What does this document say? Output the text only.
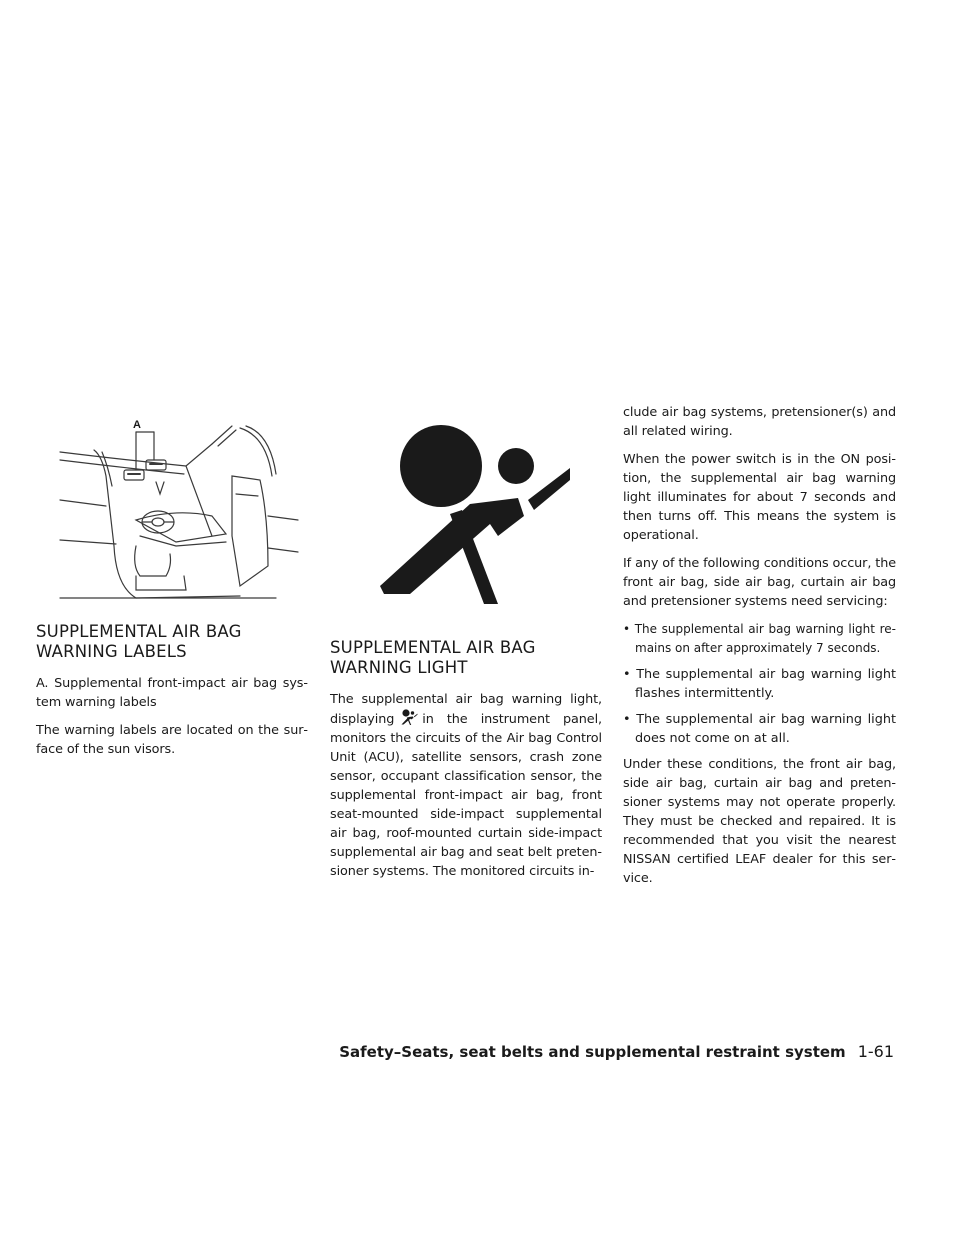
A
SUPPLEMENTAL AIR BAG WARNING LABELS

A. Supplemental front-impact air bag system warning labels

The warning labels are located on the surface of the sun visors.

SUPPLEMENTAL AIR BAG WARNING LIGHT

The supplemental air bag warning light, displaying in the instrument panel, monitors the circuits of the Air bag Control Unit (ACU), satellite sensors, crash zone sensor, occupant classification sensor, the supplemental front-impact air bag, front seat-mounted side-impact supplemental air bag, roof-mounted curtain side-impact supplemental air bag and seat belt pretensioner systems. The monitored circuits in-

clude air bag systems, pretensioner(s) and all related wiring.

When the power switch is in the ON position, the supplemental air bag warning light illuminates for about 7 seconds and then turns off. This means the system is operational.

If any of the following conditions occur, the front air bag, side air bag, curtain air bag and pretensioner systems need servicing:

• The supplemental air bag warning light remains on after approximately 7 seconds.
• The supplemental air bag warning light flashes intermittently.
• The supplemental air bag warning light does not come on at all.

Under these conditions, the front air bag, side air bag, curtain air bag and pretensioner systems may not operate properly. They must be checked and repaired. It is recommended that you visit the nearest NISSAN certified LEAF dealer for this service.

Safety–Seats, seat belts and supplemental restraint system 1-61
